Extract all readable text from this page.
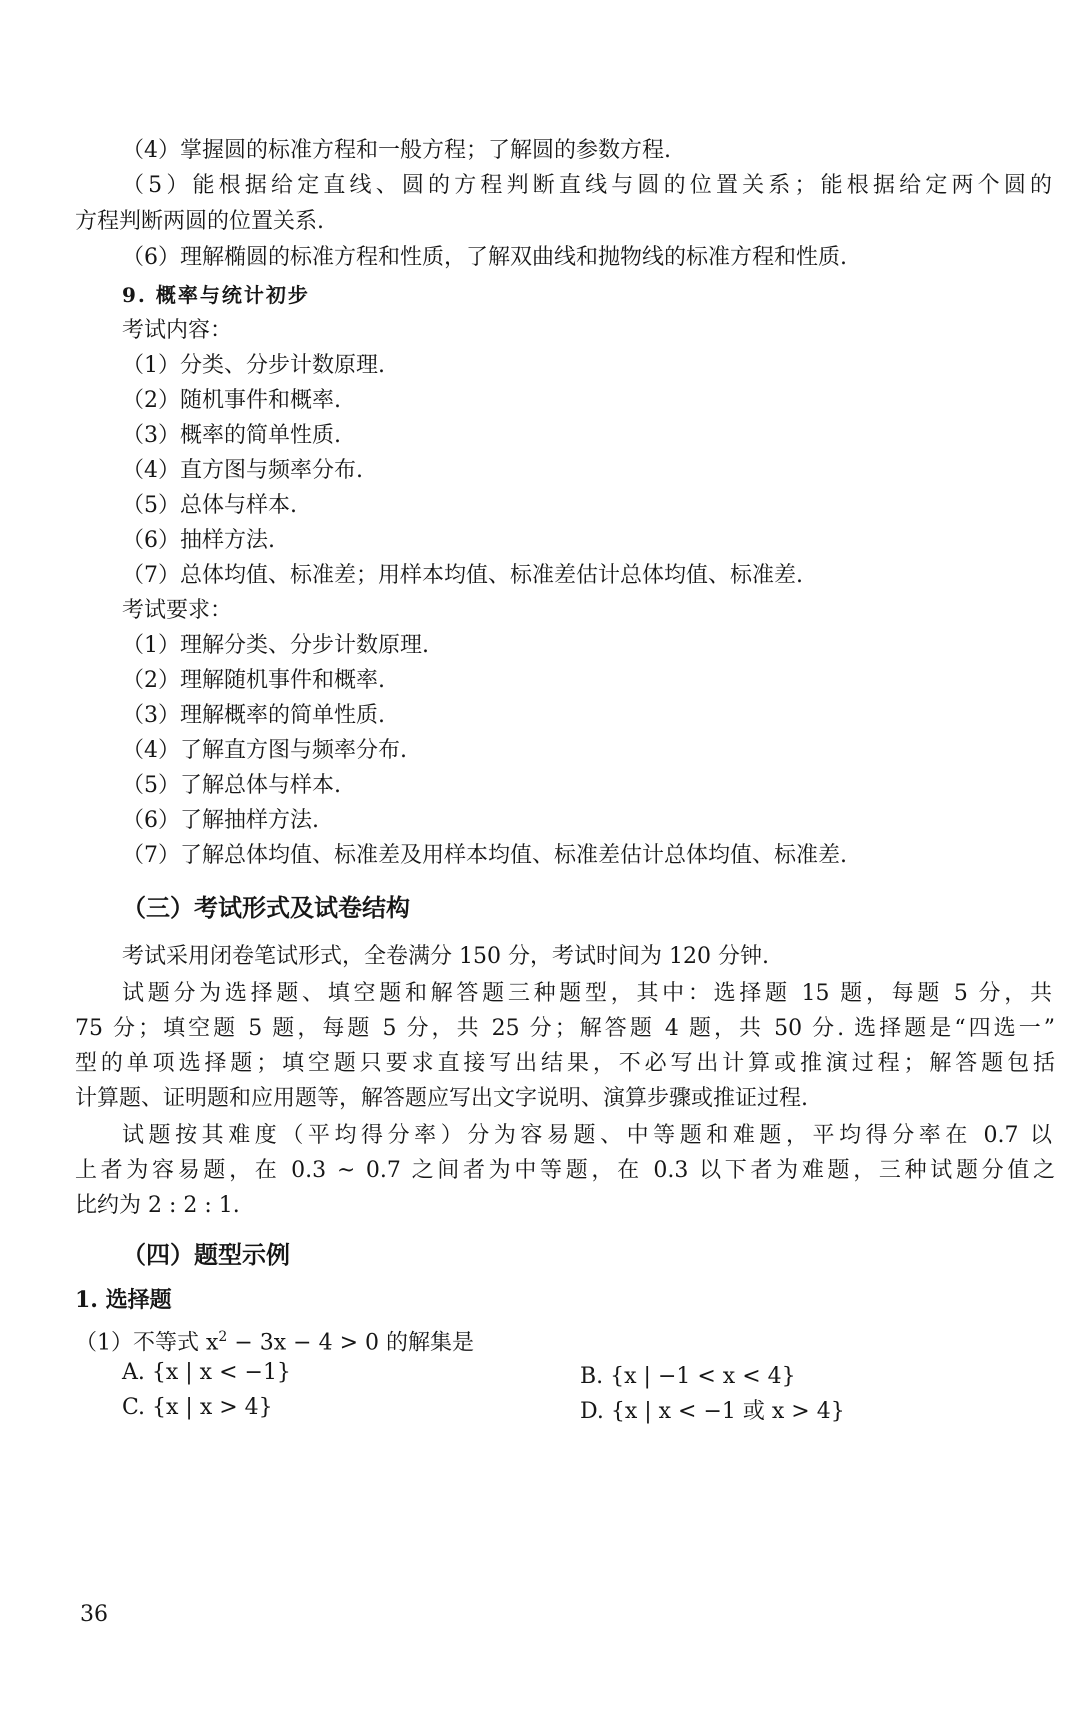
（4）掌握圆的标准方程和一般方程；了解圆的参数方程.
（5）能根据给定直线、圆的方程判断直线与圆的位置关系；能根据给定两个圆的
方程判断两圆的位置关系.
（6）理解椭圆的标准方程和性质，了解双曲线和抛物线的标准方程和性质.
9. 概率与统计初步
考试内容：
（1）分类、分步计数原理.
（2）随机事件和概率.
（3）概率的简单性质.
（4）直方图与频率分布.
（5）总体与样本.
（6）抽样方法.
（7）总体均值、标准差；用样本均值、标准差估计总体均值、标准差.
考试要求：
（1）理解分类、分步计数原理.
（2）理解随机事件和概率.
（3）理解概率的简单性质.
（4）了解直方图与频率分布.
（5）了解总体与样本.
（6）了解抽样方法.
（7）了解总体均值、标准差及用样本均值、标准差估计总体均值、标准差.
（三）考试形式及试卷结构
考试采用闭卷笔试形式，全卷满分 150 分，考试时间为 120 分钟.
试题分为选择题、填空题和解答题三种题型，其中：选择题 15 题，每题 5 分，共
75 分；填空题 5 题，每题 5 分，共 25 分；解答题 4 题，共 50 分. 选择题是“四选一”
型的单项选择题；填空题只要求直接写出结果，不必写出计算或推演过程；解答题包括
计算题、证明题和应用题等，解答题应写出文字说明、演算步骤或推证过程.
试题按其难度（平均得分率）分为容易题、中等题和难题，平均得分率在 0.7 以
上者为容易题，在 0.3 ~ 0.7 之间者为中等题，在 0.3 以下者为难题，三种试题分值之
比约为 2 : 2 : 1.
（四）题型示例
1. 选择题
（1）不等式 $x^2 - 3x - 4 > 0$ 的解集是
A. {x | x < −1}	B. {x | −1 < x < 4}
C. {x | x > 4}	D. {x | x < −1 或 x > 4}
36
